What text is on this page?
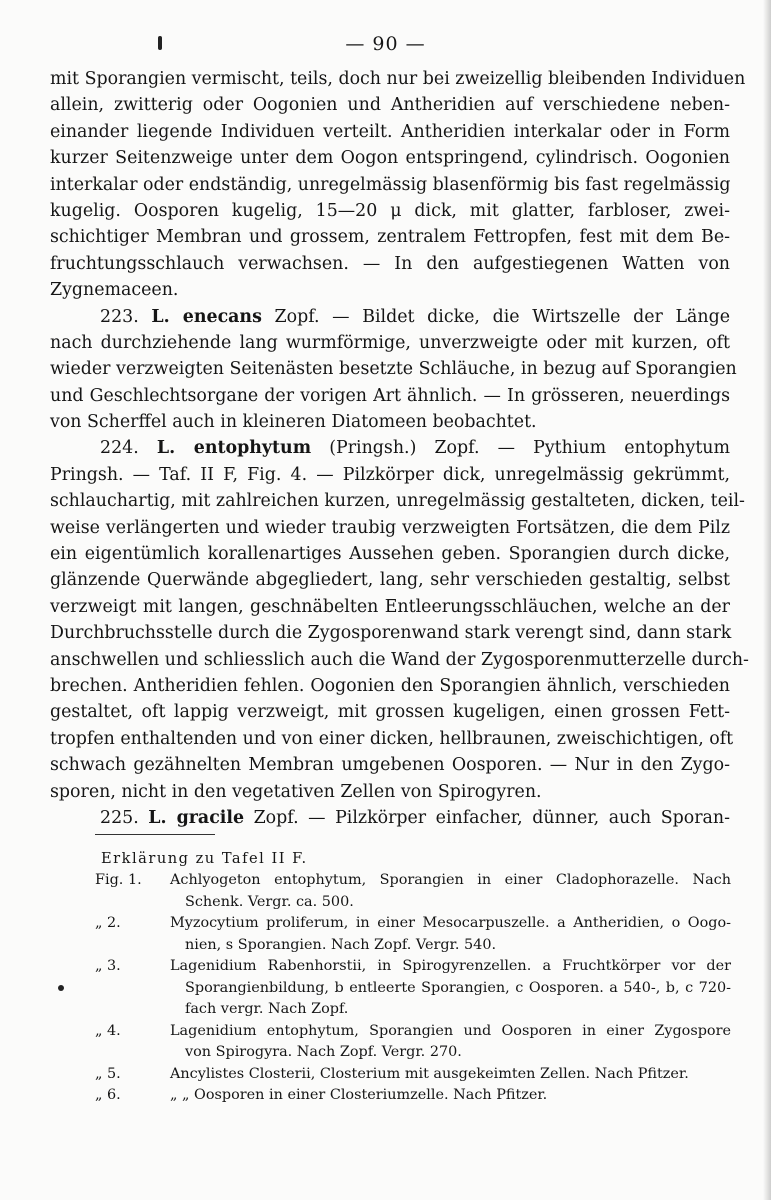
— 90 —
mit Sporangien vermischt, teils, doch nur bei zweizellig bleibenden Individuen
allein, zwitterig oder Oogonien und Antheridien auf verschiedene neben-
einander liegende Individuen verteilt. Antheridien interkalar oder in Form
kurzer Seitenzweige unter dem Oogon entspringend, cylindrisch. Oogonien
interkalar oder endständig, unregelmässig blasenförmig bis fast regelmässig
kugelig. Oosporen kugelig, 15—20 μ dick, mit glatter, farbloser, zwei-
schichtiger Membran und grossem, zentralem Fettropfen, fest mit dem Be-
fruchtungsschlauch verwachsen. — In den aufgestiegenen Watten von
Zygnemaceen.
223. L. enecans Zopf. — Bildet dicke, die Wirtszelle der Länge
nach durchziehende lang wurmförmige, unverzweigte oder mit kurzen, oft
wieder verzweigten Seitenästen besetzte Schläuche, in bezug auf Sporangien
und Geschlechtsorgane der vorigen Art ähnlich. — In grösseren, neuerdings
von Scherffel auch in kleineren Diatomeen beobachtet.
224. L. entophytum (Pringsh.) Zopf. — Pythium entophytum
Pringsh. — Taf. II F, Fig. 4. — Pilzkörper dick, unregelmässig gekrümmt,
schlauchartig, mit zahlreichen kurzen, unregelmässig gestalteten, dicken, teil-
weise verlängerten und wieder traubig verzweigten Fortsätzen, die dem Pilz
ein eigentümlich korallenartiges Aussehen geben. Sporangien durch dicke,
glänzende Querwände abgegliedert, lang, sehr verschieden gestaltig, selbst
verzweigt mit langen, geschnäbelten Entleerungsschläuchen, welche an der
Durchbruchsstelle durch die Zygosporenwand stark verengt sind, dann stark
anschwellen und schliesslich auch die Wand der Zygosporenmutterzelle durch-
brechen. Antheridien fehlen. Oogonien den Sporangien ähnlich, verschieden
gestaltet, oft lappig verzweigt, mit grossen kugeligen, einen grossen Fett-
tropfen enthaltenden und von einer dicken, hellbraunen, zweischichtigen, oft
schwach gezähnelten Membran umgebenen Oosporen. — Nur in den Zygo-
sporen, nicht in den vegetativen Zellen von Spirogyren.
225. L. gracile Zopf. — Pilzkörper einfacher, dünner, auch Sporan-
Erklärung zu Tafel II F.
Fig. 1.	Achlyogeton entophytum, Sporangien in einer Cladophorazelle. Nach
Schenk. Vergr. ca. 500.
„ 2.	Myzocytium proliferum, in einer Mesocarpuszelle. a Antheridien, o Oogo-
nien, s Sporangien. Nach Zopf. Vergr. 540.
„ 3.	Lagenidium Rabenhorstii, in Spirogyrenzellen. a Fruchtkörper vor der
Sporangienbildung, b entleerte Sporangien, c Oosporen. a 540-, b, c 720-
fach vergr. Nach Zopf.
„ 4.	Lagenidium entophytum, Sporangien und Oosporen in einer Zygospore
von Spirogyra. Nach Zopf. Vergr. 270.
„ 5.	Ancylistes Closterii, Closterium mit ausgekeimten Zellen. Nach Pfitzer.
„ 6.	„ „ Oosporen in einer Closteriumzelle. Nach Pfitzer.
